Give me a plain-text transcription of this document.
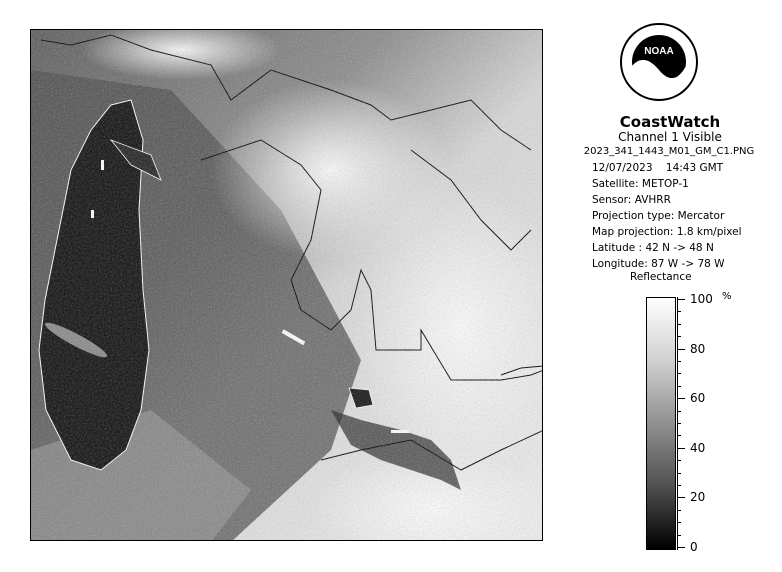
NOAA
CoastWatch
Channel 1 Visible
2023_341_1443_M01_GM_C1.PNG
12/07/2023 14:43 GMT
Satellite: METOP-1
Sensor: AVHRR
Projection type: Mercator
Map projection: 1.8 km/pixel
Latitude : 42 N -> 48 N
Longitude: 87 W -> 78 W
Reflectance
%
100
80
60
40
20
0
